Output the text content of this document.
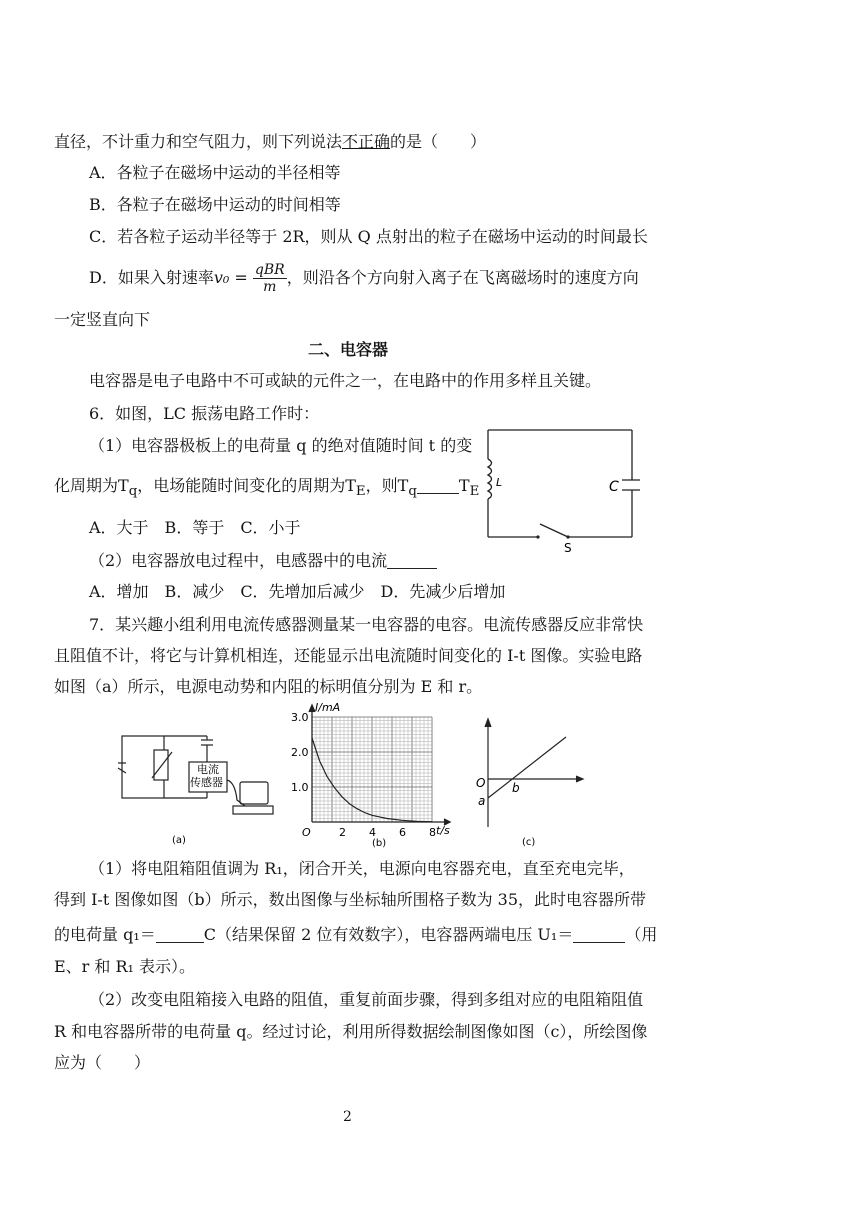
直径，不计重力和空气阻力，则下列说法不正确的是（　　）
A．各粒子在磁场中运动的半径相等
B．各粒子在磁场中运动的时间相等
C．若各粒子运动半径等于 2R，则从 Q 点射出的粒子在磁场中运动的时间最长
D．如果入射速率$v_0 = \frac{\text{qBR}}{m}$ ，则沿各个方向射入离子在飞离磁场时的速度方向
一定竖直向下
二、电容器
电容器是电子电路中不可或缺的元件之一，在电路中的作用多样且关键。
6．如图，LC 振荡电路工作时：
（1）电容器极板上的电荷量 q 的绝对值随时间 t 的变
化周期为$T_q$，电场能随时间变化的周期为$T_E$，则$T_q$	$T_E$
A．大于　B．等于　C．小于
（2）电容器放电过程中，电感器中的电流
A．增加　B．减少　C．先增加后减少　D．先减少后增加
L	C
S
7．某兴趣小组利用电流传感器测量某一电容器的电容。电流传感器反应非常快
且阻值不计，将它与计算机相连，还能显示出电流随时间变化的 I-t 图像。实验电路
如图（a）所示，电源电动势和内阻的标明值分别为 E 和 r。
电流
传感器
(a)
O	2 4 6 8
1.0
2.0
3.0
I/mA
t/s
(b)
O
a
b
(c)
（1）将电阻箱阻值调为 R₁，闭合开关，电源向电容器充电，直至充电完毕，
得到 I-t 图像如图（b）所示，数出图像与坐标轴所围格子数为 35，此时电容器所带
的电荷量 q₁＝	C（结果保留 2 位有效数字），电容器两端电压 U₁＝	（用
E、r 和 R₁ 表示）。
（2）改变电阻箱接入电路的阻值，重复前面步骤，得到多组对应的电阻箱阻值
R 和电容器所带的电荷量 q。经过讨论，利用所得数据绘制图像如图（c），所绘图像
应为（　　）
2
